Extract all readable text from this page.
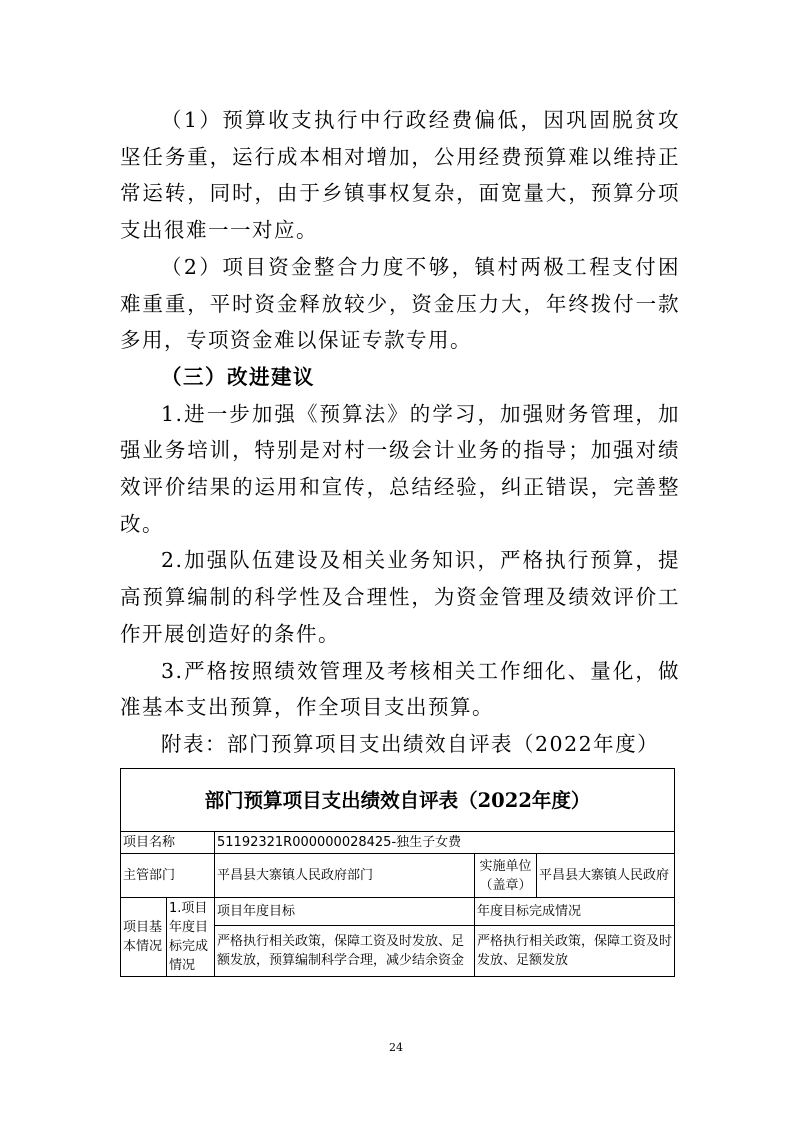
（1）预算收支执行中行政经费偏低，因巩固脱贫攻坚任务重，运行成本相对增加，公用经费预算难以维持正常运转，同时，由于乡镇事权复杂，面宽量大，预算分项支出很难一一对应。

（2）项目资金整合力度不够，镇村两极工程支付困难重重，平时资金释放较少，资金压力大，年终拨付一款多用，专项资金难以保证专款专用。

（三）改进建议

1.进一步加强《预算法》的学习，加强财务管理，加强业务培训，特别是对村一级会计业务的指导；加强对绩效评价结果的运用和宣传，总结经验，纠正错误，完善整改。

2.加强队伍建设及相关业务知识，严格执行预算，提高预算编制的科学性及合理性，为资金管理及绩效评价工作开展创造好的条件。

3.严格按照绩效管理及考核相关工作细化、量化，做准基本支出预算，作全项目支出预算。

附表：部门预算项目支出绩效自评表（2022年度）

部门预算项目支出绩效自评表（2022年度）				
项目名称		51192321R000000028425-独生子女费		
主管部门		平昌县大寨镇人民政府部门	实施单位（盖章）	平昌县大寨镇人民政府
项目基本情况	1.项目年度目标完成情况	项目年度目标	年度目标完成情况	
		严格执行相关政策，保障工资及时发放、足额发放，预算编制科学合理，减少结余资金	严格执行相关政策，保障工资及时发放、足额发放	
24
